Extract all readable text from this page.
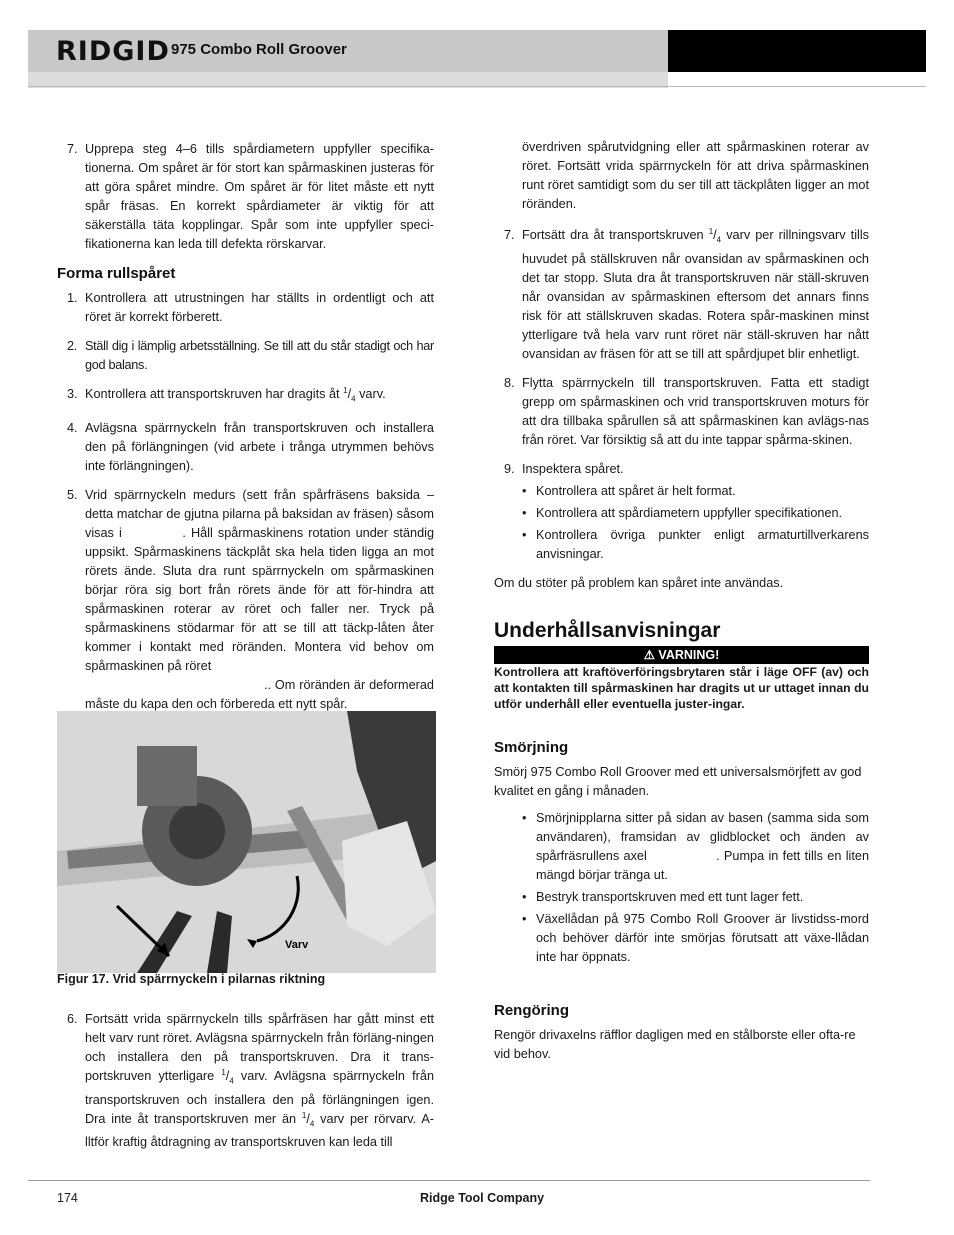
RIDGID 975 Combo Roll Groover
7. Upprepa steg 4–6 tills spårdiametern uppfyller specifika-tionerna. Om spåret är för stort kan spårmaskinen justeras för att göra spåret mindre. Om spåret är för litet måste ett nytt spår fräsas. En korrekt spårdiameter är viktig för att säkerställa täta kopplingar. Spår som inte uppfyller speci-fikationerna kan leda till defekta rörskarvar.

Forma rullspåret
1. Kontrollera att utrustningen har ställts in ordentligt och att röret är korrekt förberett.

2. Ställ dig i lämplig arbetsställning. Se till att du står stadigt och har god balans.

3. Kontrollera att transportskruven har dragits åt $^1/_4$ varv.

4. Avlägsna spärrnyckeln från transportskruven och installera den på förlängningen (vid arbete i trånga utrymmen behövs inte förlängningen).

5. Vrid spärrnyckeln medurs (sett från spårfräsens baksida – detta matchar de gjutna pilarna på baksidan av fräsen) såsom visas i            . Håll spårmaskinens rotation under ständig uppsikt. Spårmaskinens täckplåt ska hela tiden ligga an mot rörets ände. Sluta dra runt spärrnyckeln om spårmaskinen börjar röra sig bort från rörets ände för att för-hindra att spårmaskinen roterar av röret och faller ner. Tryck på spårmaskinens stödarmar för att se till att täckp-låten åter kommer i kontakt med röränden. Montera vid behov om spårmaskinen på röret

.. Om röränden är deformerad måste du kapa den och förbereda ett nytt spår.

Varv
Figur 17. Vrid spärrnyckeln i pilarnas riktning
6. Fortsätt vrida spärrnyckeln tills spårfräsen har gått minst ett helt varv runt röret. Avlägsna spärrnyckeln från förläng-ningen och installera den på transportskruven. Dra it trans-portskruven ytterligare $^1/_4$ varv. Avlägsna spärrnyckeln från transportskruven och installera den på förlängningen igen. Dra inte åt transportskruven mer än $^1/_4$ varv per rörvarv. A-lltför kraftig åtdragning av transportskruven kan leda till

överdriven spårutvidgning eller att spårmaskinen roterar av röret. Fortsätt vrida spärrnyckeln för att driva spårmaskinen runt röret samtidigt som du ser till att täckplåten ligger an mot röränden.

7. Fortsätt dra åt transportskruven $^1/_4$ varv per rillningsvarv tills huvudet på ställskruven når ovansidan av spårmaskinen och det tar stopp. Sluta dra åt transportskruven när ställ-skruven når ovansidan av spårmaskinen eftersom det annars finns risk för att ställskruven skadas. Rotera spår-maskinen minst ytterligare två hela varv runt röret när ställ-skruven har nått ovansidan av fräsen för att se till att spårdjupet blir enhetligt.

8. Flytta spärrnyckeln till transportskruven. Fatta ett stadigt grepp om spårmaskinen och vrid transportskruven moturs för att dra tillbaka spårullen så att spårmaskinen kan avlägs-nas från röret. Var försiktig så att du inte tappar spårma-skinen.

9. Inspektera spåret.

• Kontrollera att spåret är helt format.

• Kontrollera att spårdiametern uppfyller specifikationen.

• Kontrollera övriga punkter enligt armaturtillverkarens anvisningar.

Om du stöter på problem kan spåret inte användas.

Underhållsanvisningar
⚠ VARNING!

Kontrollera att kraftöverföringsbrytaren står i läge OFF (av) och att kontakten till spårmaskinen har dragits ut ur uttaget innan du utför underhåll eller eventuella juster-ingar.

Smörjning

Smörj 975 Combo Roll Groover med ett universalsmörjfett av god kvalitet en gång i månaden.

• Smörjnipplarna sitter på sidan av basen (samma sida som användaren), framsidan av glidblocket och änden av spårfräsrullens axel                . Pumpa in fett tills en liten mängd börjar tränga ut.

• Bestryk transportskruven med ett tunt lager fett.

• Växellådan på 975 Combo Roll Groover är livstidss-mord och behöver därför inte smörjas förutsatt att växe-llådan inte har öppnats.

Rengöring

Rengör drivaxelns räfflor dagligen med en stålborste eller ofta-re vid behov.

174	Ridge Tool Company
